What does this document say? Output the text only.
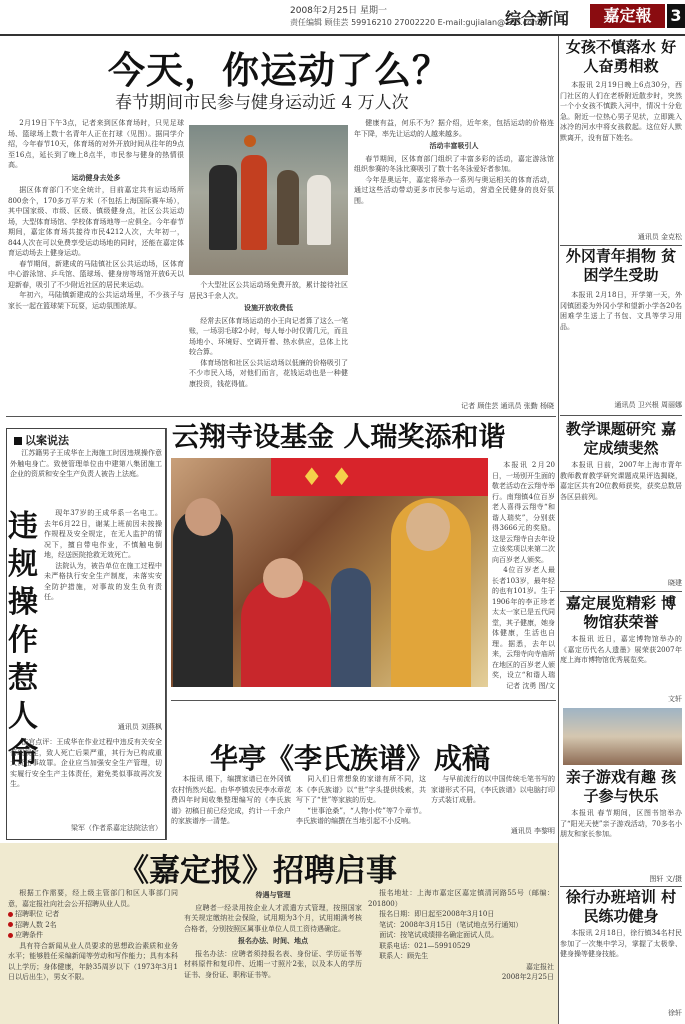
2008年2月25日 星期一
责任编辑 顾佳芸 59916210 27002220 E-mail:gujialan@163.com
综合新闻	嘉定報	3
今天，你运动了么？
春节期间市民参与健身运动近 4 万人次

2月19日下午3点，记者来到区体育场时，只见足球场、篮球场上数十名青年人正在打球（见图）。据同学介绍，今年春节10天，体育场的对外开放时间从往年的9点至16点，延长到了晚上8点半，市民参与健身的热情很高。

运动健身去处多

据区体育部门不完全统计，目前嘉定共有运动场所800余个，170多万平方米（不包括上海国际赛车场），其中国家级、市级、区级、镇级健身点，社区公共运动场，大型体育场馆、学校体育场地等一应俱全。今年春节期间，嘉定体育场共接待市民4212人次，大年初一，844人次在可以免费享受运动场地的同时，还能在嘉定体育运动场去上健身运动。

春节期间，新建成的马陆镇社区公共运动场，区体育中心游泳馆、乒乓馆、篮球场、健身房等场馆开放6天以迎新春，吸引了不少附近社区的居民来运动。

年初六，马陆镇新建成的公共运动场里，不少孩子与家长一起在篮球架下玩耍，运动氛围浓厚。

个大型社区公共运动场免费开放，累计接待社区居民3千余人次。

设施开放收费低

经常去区体育场运动的小王向记者算了这么一笔账，一场羽毛球2小时，每人每小时仅需几元，而且场地小、环境好、空调开着、热水供应，总体上比较合算。

体育场馆和社区公共运动场以低廉的价格吸引了不少市民入场，对他们而言，花钱运动也是一种健康投资，钱花得值。

健康有益，何乐不为？据介绍，近年来，包括运动的价格连年下降，率先让运动的人越来越多。

活动丰富吸引人

春节期间，区体育部门组织了丰富多彩的活动，嘉定游泳馆组织参赛的冬泳比赛吸引了数十名冬泳爱好者参加。

今年是奥运年，嘉定将举办一系列与奥运相关的体育活动，通过这些活动带动更多市民参与运动，营造全民健身的良好氛围。

记者 顾佳芸 通讯员 张勤 杨晓
以案说法
违规操作惹人命

江苏籍男子王成华在上海施工时因违规操作意外触电身亡。致使管理单位由中建第八集团施工企业的资质和安全生产负责人被告上法庭。

现年37岁的王成华系一名电工。去年6月22日，谢某上班前因未按操作规程及安全规定，在无人监护的情况下，擅自带电作业，不慎触电倒地，经送医院抢救无效死亡。

法院认为，被告单位在施工过程中未严格执行安全生产制度，未落实安全防护措施，对事故的发生负有责任。

通讯员 刘燕枫

法官点评：王成华在作业过程中违反有关安全管理规定，致人死亡后果严重，其行为已构成重大责任事故罪。企业应当加强安全生产管理，切实履行安全生产主体责任，避免类似事故再次发生。

梁军（作者系嘉定法院法官）
云翔寺设基金 人瑞奖添和谐
♦ ♦	本报讯 2月20日，一场别开生面的敬老活动在云翔寺举行。南翔镇4位百岁老人喜得云翔寺“和谐人瑞奖”，分别获得3666元的奖励。这是云翔寺自去年设立该奖项以来第二次向百岁老人颁奖。

4位百岁老人最长者103岁，最年轻的也有101岁。生于1906年的李正珍老太太一家已是五代同堂，其子健康，她身体健康，生活也自理。据悉，去年以来，云翔寺向寺庙所在地区的百岁老人颁奖，设立“和谐人瑞

记者 沈勇 图/文
华亭《李氏族谱》成稿

本报讯 眼下，编撰家谱已在外冈镇农村悄然兴起。由华亭镇农民李水章花费四年时间收集整理编写的《李氏族谱》初稿日前已经完成，约计一千余户的家族谱序一清楚。

同入们日常想象的家谱有所不同，这本《李氏族谱》以“世”字头提供线索，共写下了“世”等家族的历史。

“世事沧桑”，“人物小传”等7个章节。李氏族谱的编撰在当地引起不小反响。

与早前流行的以中国传统毛笔书写的家谱形式不同，《李氏族谱》以电脑打印方式装订成册。

通讯员 李黎明
《嘉定报》招聘启事

根据工作需要，经上级主管部门和区人事部门同意，嘉定报社向社会公开招聘从业人员。

招聘职位 记者
招聘人数 2名
应聘条件

具有符合新闻从业人员要求的思想政治素质和业务水平；能够胜任采编新闻等劳动和写作能力；具有本科以上学历；身体健康，年龄35周岁以下（1973年3月1日以后出生），男女不限。

待遇与管理

应聘者一经录用按企业人才派遣方式管理，按照国家有关规定缴纳社会保险，试用期为3个月，试用期满考核合格者，分别按照区属事业单位人员工资待遇确定。

报名办法、时间、地点

报名办法：应聘者须持报名表、身份证、学历证书等材料原件和复印件、近期一寸照片2张，以及本人的学历证书、身份证、职称证书等。

报名地址：上海市嘉定区嘉定镇清河路55号（邮编：201800）

报名日期：即日起至2008年3月10日

笔试：2008年3月15日（笔试地点另行通知）

面试：按笔试成绩排名确定面试人员。

联系电话：021—59910529

联系人：顾先生

嘉定报社
2008年2月25日
女孩不慎落水 好人奋勇相救

本报讯 2月19日晚上6点30分，西门社区的人们在老桥附近散步时，突然一个小女孩不慎跌入河中，情况十分危急。附近一位热心男子见状，立即跳入冰冷的河水中将女孩救起。这位好人默默离开，没有留下姓名。

通讯员 金克松
外冈青年捐物 贫困学生受助

本报讯 2月18日，开学第一天，外冈镇团委为外冈小学和望新小学各20名困难学生送上了书包、文具等学习用品。

通讯员 卫兴根 周丽娜
教学课题研究 嘉定成绩斐然

本报讯 日前，2007年上海市青年教师教育教学研究课题成果评选揭晓，嘉定区共有20位教师获奖，获奖总数居各区县前列。

晓建
嘉定展览精彩 博物馆获荣誉

本报讯 近日，嘉定博物馆举办的《嘉定历代名人遗墨》展荣获2007年度上海市博物馆优秀展览奖。

文轩
亲子游戏有趣 孩子参与快乐

本报讯 春节期间，区图书馆举办了“阳光天使”亲子游戏活动，70多名小朋友和家长参加。

图轩 文/摄
徐行办班培训 村民练功健身

本报讯 2月18日，徐行镇34名村民参加了一次集中学习，掌握了太极拳、健身操等健身技能。

徐轩
